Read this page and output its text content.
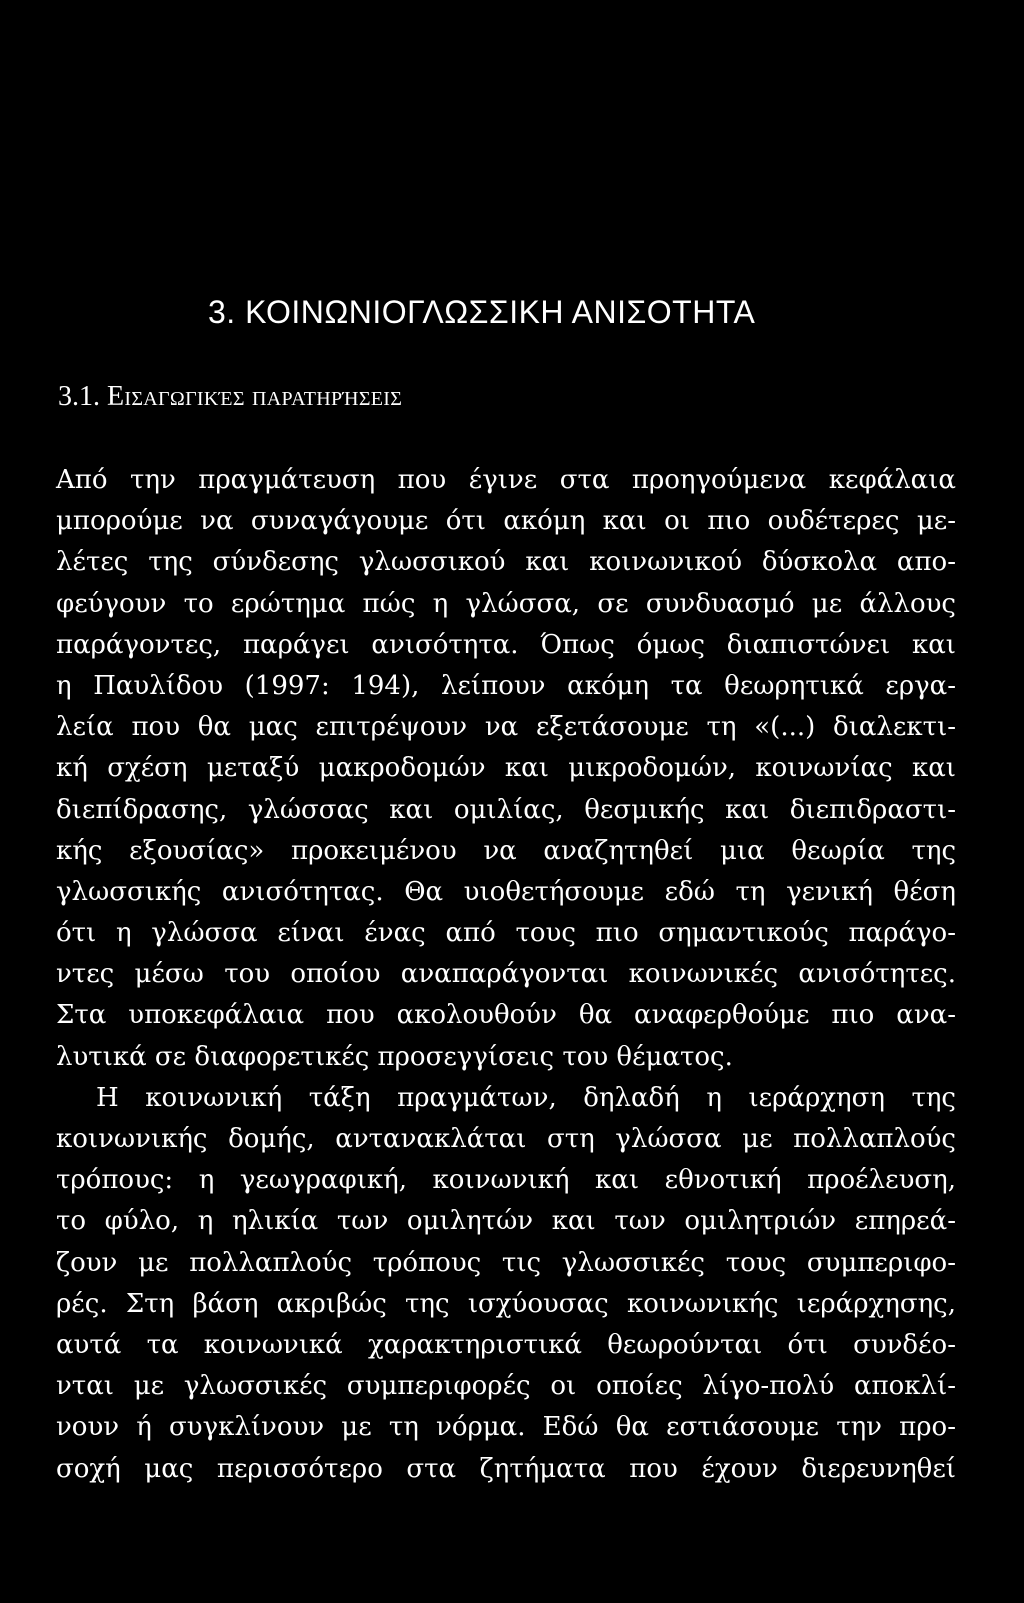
3. ΚΟΙΝΩΝΙΟΓΛΩΣΣΙΚΗ ΑΝΙΣΟΤΗΤΑ
3.1. Εισαγωγικές παρατηρήσεις
Από την πραγμάτευση που έγινε στα προηγούμενα κεφάλαια
μπορούμε να συναγάγουμε ότι ακόμη και οι πιο ουδέτερες με-
λέτες της σύνδεσης γλωσσικού και κοινωνικού δύσκολα απο-
φεύγουν το ερώτημα πώς η γλώσσα, σε συνδυασμό με άλλους
παράγοντες, παράγει ανισότητα. Όπως όμως διαπιστώνει και
η Παυλίδου (1997: 194), λείπουν ακόμη τα θεωρητικά εργα-
λεία που θα μας επιτρέψουν να εξετάσουμε τη «(...) διαλεκτι-
κή σχέση μεταξύ μακροδομών και μικροδομών, κοινωνίας και
διεπίδρασης, γλώσσας και ομιλίας, θεσμικής και διεπιδραστι-
κής εξουσίας» προκειμένου να αναζητηθεί μια θεωρία της
γλωσσικής ανισότητας. Θα υιοθετήσουμε εδώ τη γενική θέση
ότι η γλώσσα είναι ένας από τους πιο σημαντικούς παράγο-
ντες μέσω του οποίου αναπαράγονται κοινωνικές ανισότητες.
Στα υποκεφάλαια που ακολουθούν θα αναφερθούμε πιο ανα-
λυτικά σε διαφορετικές προσεγγίσεις του θέματος.
Η κοινωνική τάξη πραγμάτων, δηλαδή η ιεράρχηση της
κοινωνικής δομής, αντανακλάται στη γλώσσα με πολλαπλούς
τρόπους: η γεωγραφική, κοινωνική και εθνοτική προέλευση,
το φύλο, η ηλικία των ομιλητών και των ομιλητριών επηρεά-
ζουν με πολλαπλούς τρόπους τις γλωσσικές τους συμπεριφο-
ρές. Στη βάση ακριβώς της ισχύουσας κοινωνικής ιεράρχησης,
αυτά τα κοινωνικά χαρακτηριστικά θεωρούνται ότι συνδέο-
νται με γλωσσικές συμπεριφορές οι οποίες λίγο-πολύ αποκλί-
νουν ή συγκλίνουν με τη νόρμα. Εδώ θα εστιάσουμε την προ-
σοχή μας περισσότερο στα ζητήματα που έχουν διερευνηθεί
